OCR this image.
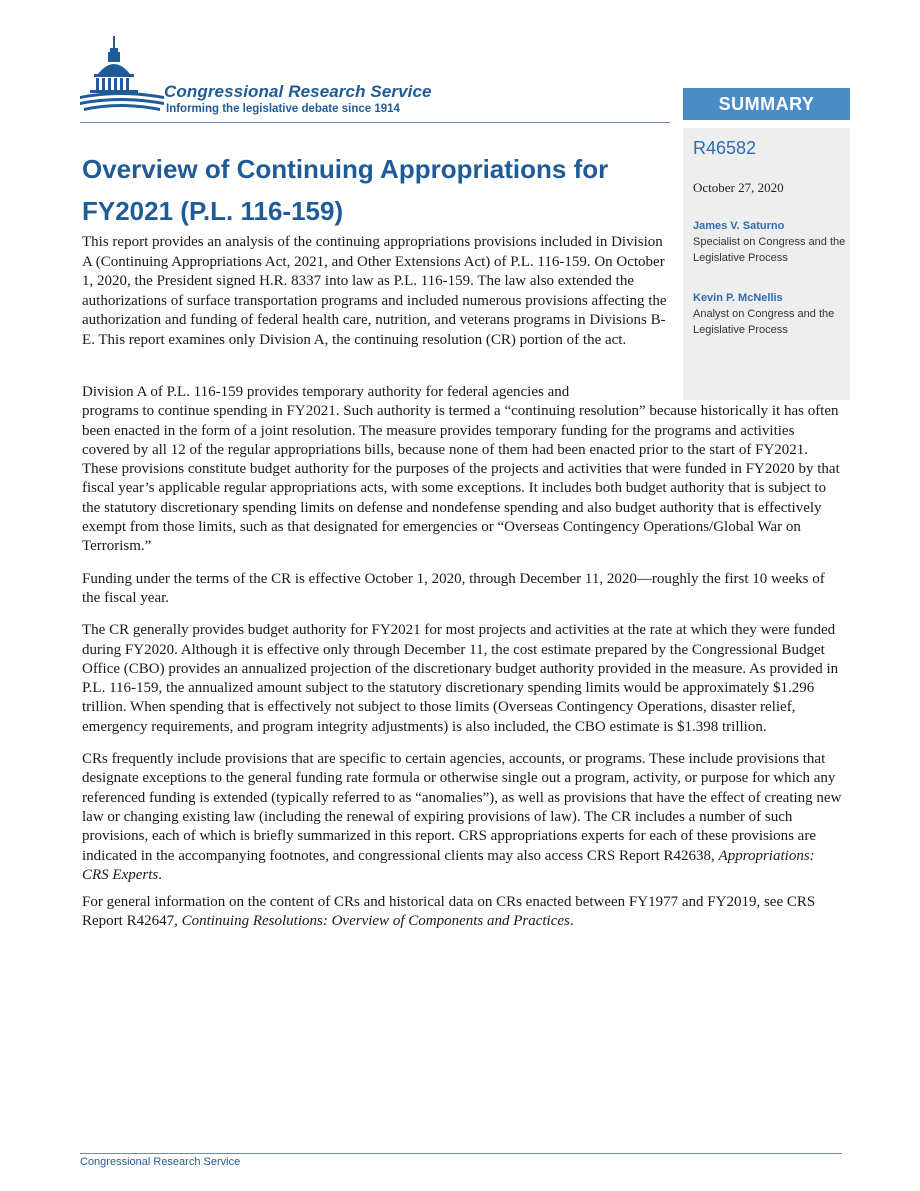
Congressional Research Service
Informing the legislative debate since 1914	SUMMARY
R46582
October 27, 2020
James V. Saturno
Specialist on Congress and the Legislative Process
Kevin P. McNellis
Analyst on Congress and the Legislative Process
Overview of Continuing Appropriations for FY2021 (P.L. 116-159)

This report provides an analysis of the continuing appropriations provisions included in Division A (Continuing Appropriations Act, 2021, and Other Extensions Act) of P.L. 116-159. On October 1, 2020, the President signed H.R. 8337 into law as P.L. 116-159. The law also extended the authorizations of surface transportation programs and included numerous provisions affecting the authorization and funding of federal health care, nutrition, and veterans programs in Divisions B-E. This report examines only Division A, the continuing resolution (CR) portion of the act.

Division A of P.L. 116-159 provides temporary authority for federal agencies and
programs to continue spending in FY2021. Such authority is termed a “continuing resolution” because historically it has often been enacted in the form of a joint resolution. The measure provides temporary funding for the programs and activities covered by all 12 of the regular appropriations bills, because none of them had been enacted prior to the start of FY2021. These provisions constitute budget authority for the purposes of the projects and activities that were funded in FY2020 by that fiscal year’s applicable regular appropriations acts, with some exceptions. It includes both budget authority that is subject to the statutory discretionary spending limits on defense and nondefense spending and also budget authority that is effectively exempt from those limits, such as that designated for emergencies or “Overseas Contingency Operations/Global War on Terrorism.”

Funding under the terms of the CR is effective October 1, 2020, through December 11, 2020—roughly the first 10 weeks of the fiscal year.

The CR generally provides budget authority for FY2021 for most projects and activities at the rate at which they were funded during FY2020. Although it is effective only through December 11, the cost estimate prepared by the Congressional Budget Office (CBO) provides an annualized projection of the discretionary budget authority provided in the measure. As provided in P.L. 116-159, the annualized amount subject to the statutory discretionary spending limits would be approximately $1.296 trillion. When spending that is effectively not subject to those limits (Overseas Contingency Operations, disaster relief, emergency requirements, and program integrity adjustments) is also included, the CBO estimate is $1.398 trillion.

CRs frequently include provisions that are specific to certain agencies, accounts, or programs. These include provisions that designate exceptions to the general funding rate formula or otherwise single out a program, activity, or purpose for which any referenced funding is extended (typically referred to as “anomalies”), as well as provisions that have the effect of creating new law or changing existing law (including the renewal of expiring provisions of law). The CR includes a number of such provisions, each of which is briefly summarized in this report. CRS appropriations experts for each of these provisions are indicated in the accompanying footnotes, and congressional clients may also access CRS Report R42638, Appropriations: CRS Experts.

For general information on the content of CRs and historical data on CRs enacted between FY1977 and FY2019, see CRS Report R42647, Continuing Resolutions: Overview of Components and Practices.

Congressional Research Service
